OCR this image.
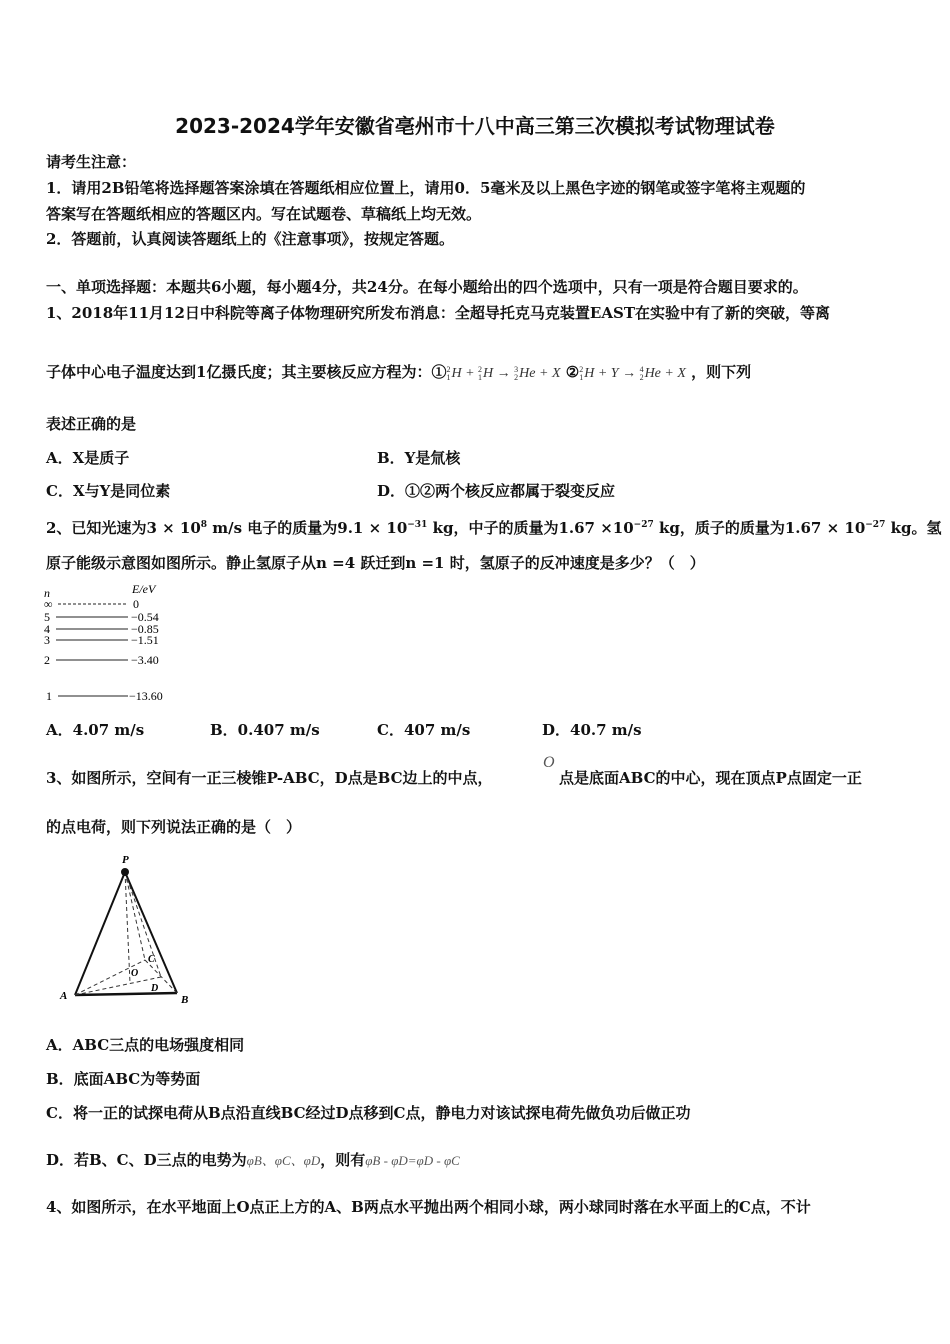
2023-2024学年安徽省亳州市十八中高三第三次模拟考试物理试卷
请考生注意：
1．请用2B铅笔将选择题答案涂填在答题纸相应位置上，请用0．5毫米及以上黑色字迹的钢笔或签字笔将主观题的
答案写在答题纸相应的答题区内。写在试题卷、草稿纸上均无效。
2．答题前，认真阅读答题纸上的《注意事项》，按规定答题。
一、单项选择题：本题共6小题，每小题4分，共24分。在每小题给出的四个选项中，只有一项是符合题目要求的。
1、2018年11月12日中科院等离子体物理研究所发布消息：全超导托克马克装置EAST在实验中有了新的突破，等离
子体中心电子温度达到1亿摄氏度；其主要核反应方程为：①2
1H + 2
1H → 3
2He + X ②2
1H + Y → 4
2He + X ，则下列
表述正确的是
A．X是质子	B．Y是氚核
C．X与Y是同位素	D．①②两个核反应都属于裂变反应
2、已知光速为$3 \times 10^8$ m/s 电子的质量为$9.1 \times 10^{-31}$ kg，中子的质量为$1.67 \times 10^{-27}$ kg，质子的质量为$1.67 \times 10^{-27}$ kg。氢
原子能级示意图如图所示。静止氢原子从n =4 跃迁到n =1 时，氢原子的反冲速度是多少？（　）
n	E/eV
∞	0
5	−0.54
4	−0.85
3	−1.51
2	−3.40
1	−13.60
A．4.07 m/s	B．0.407 m/s	C．407 m/s	D．40.7 m/s
3、如图所示，空间有一正三棱锥P-ABC，D点是BC边上的中点，
O
点是底面ABC的中心，现在顶点P点固定一正
的点电荷，则下列说法正确的是（　）
P
A	B
C
D
O
A．ABC三点的电场强度相同
B．底面ABC为等势面
C．将一正的试探电荷从B点沿直线BC经过D点移到C点，静电力对该试探电荷先做负功后做正功
D．若B、C、D三点的电势为φB、φC、φD，则有φB - φD=φD - φC
4、如图所示，在水平地面上O点正上方的A、B两点水平抛出两个相同小球，两小球同时落在水平面上的C点，不计
